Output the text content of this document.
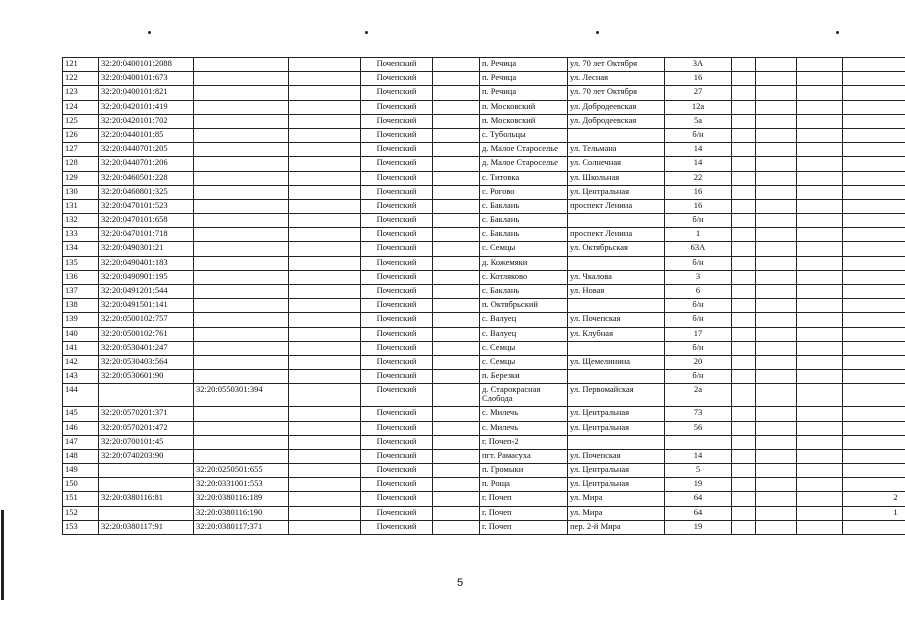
121	32:20:0400101:2088			Почепский		п. Речица	ул. 70 лет Октября	3А				
122	32:20:0400101:673			Почепский		п. Речица	ул. Лесная	16				
123	32:20:0400101:821			Почепский		п. Речица	ул. 70 лет Октября	27				
124	32:20:0420101:419			Почепский		п. Московский	ул. Добродеевская	12а				
125	32:20:0420101:702			Почепский		п. Московский	ул. Добродеевская	5а				
126	32:20:0440101:85			Почепский		с. Тубольцы		б/н				
127	32:20:0440701:205			Почепский		д. Малое Староселье	ул. Тельмана	14				
128	32:20:0440701:206			Почепский		д. Малое Староселье	ул. Солнечная	14				
129	32:20:0460501:228			Почепский		с. Титовка	ул. Школьная	22				
130	32:20:0460801:325			Почепский		с. Рогово	ул. Центральная	16				
131	32:20:0470101:523			Почепский		с. Баклань	проспект Ленина	16				
132	32:20:0470101:658			Почепский		с. Баклань		б/н				
133	32:20:0470101:718			Почепский		с. Баклань	проспект Ленина	1				
134	32:20:0490301:21			Почепский		с. Семцы	ул. Октябрьская	63А				
135	32:20:0490401:183			Почепский		д. Кожемяки		б/н				
136	32:20:0490901:195			Почепский		с. Котляково	ул. Чкалова	3				
137	32:20:0491201:544			Почепский		с. Баклань	ул. Новая	6				
138	32:20:0491501:141			Почепский		п. Октябрьский		б/н				
139	32:20:0500102:757			Почепский		с. Валуец	ул. Почепская	б/н				
140	32:20:0500102:761			Почепский		с. Валуец	ул. Клубная	17				
141	32:20:0530401:247			Почепский		с. Семцы		б/н				
142	32:20:0530403:564			Почепский		с. Семцы	ул. Щемелинина	20				
143	32:20:0530601:90			Почепский		п. Березки		б/н				
144		32:20:0550301:394		Почепский		д. Старокрасная Слобода	ул. Первомайская	2а				
145	32:20:0570201:371			Почепский		с. Милечь	ул. Центральная	73				
146	32:20:0570201:472			Почепский		с. Милечь	ул. Центральная	56				
147	32:20:0700101:45			Почепский		г. Почеп-2						
148	32:20:0740203:90			Почепский		пгт. Рамасуха	ул. Почепская	14				
149		32:20:0250501:655		Почепский		п. Громыки	ул. Центральная	5				
150		32:20:0331001:553		Почепский		п. Роща	ул. Центральная	19				
151	32:20:0380116:81	32:20:0380116:189		Почепский		г. Почеп	ул. Мира	64				2
152		32:20:0380116:190		Почепский		г. Почеп	ул. Мира	64				1
153	32:20:0380117:91	32:20:0380117:371		Почепский		г. Почеп	пер. 2-й Мира	19				
5
